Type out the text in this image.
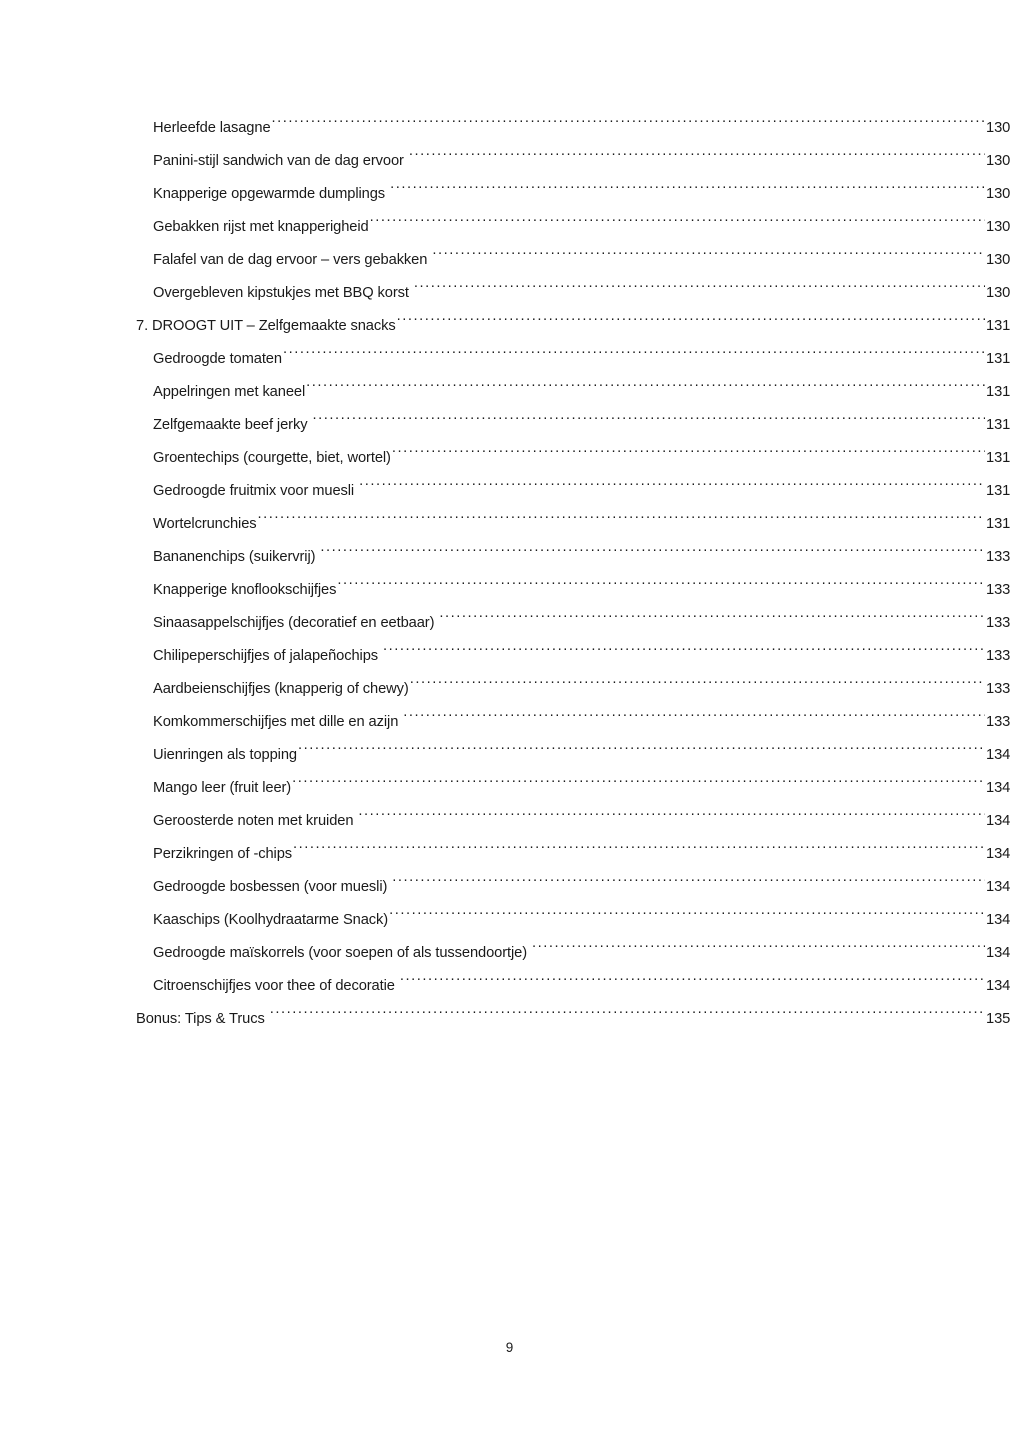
Herleefde lasagne .....	130
Panini-stijl sandwich van de dag ervoor .....	130
Knapperige opgewarmde dumplings .....	130
Gebakken rijst met knapperigheid .....	130
Falafel van de dag ervoor – vers gebakken .....	130
Overgebleven kipstukjes met BBQ korst .....	130
7. DROOGT UIT – Zelfgemaakte snacks .....	131
Gedroogde tomaten .....	131
Appelringen met kaneel .....	131
Zelfgemaakte beef jerky .....	131
Groentechips (courgette, biet, wortel) .....	131
Gedroogde fruitmix voor muesli .....	131
Wortelcrunchies .....	131
Bananenchips (suikervrij) .....	133
Knapperige knoflookschijfjes .....	133
Sinaasappelschijfjes (decoratief en eetbaar) .....	133
Chilipeperschijfjes of jalapeñochips .....	133
Aardbeienschijfjes (knapperig of chewy) .....	133
Komkommerschijfjes met dille en azijn .....	133
Uienringen als topping .....	134
Mango leer (fruit leer) .....	134
Geroosterde noten met kruiden .....	134
Perzikringen of -chips .....	134
Gedroogde bosbessen (voor muesli) .....	134
Kaaschips (Koolhydraatarme Snack) .....	134
Gedroogde maïskorrels (voor soepen of als tussendoortje) .....	134
Citroenschijfjes voor thee of decoratie .....	134
Bonus: Tips & Trucs .....	135
9
